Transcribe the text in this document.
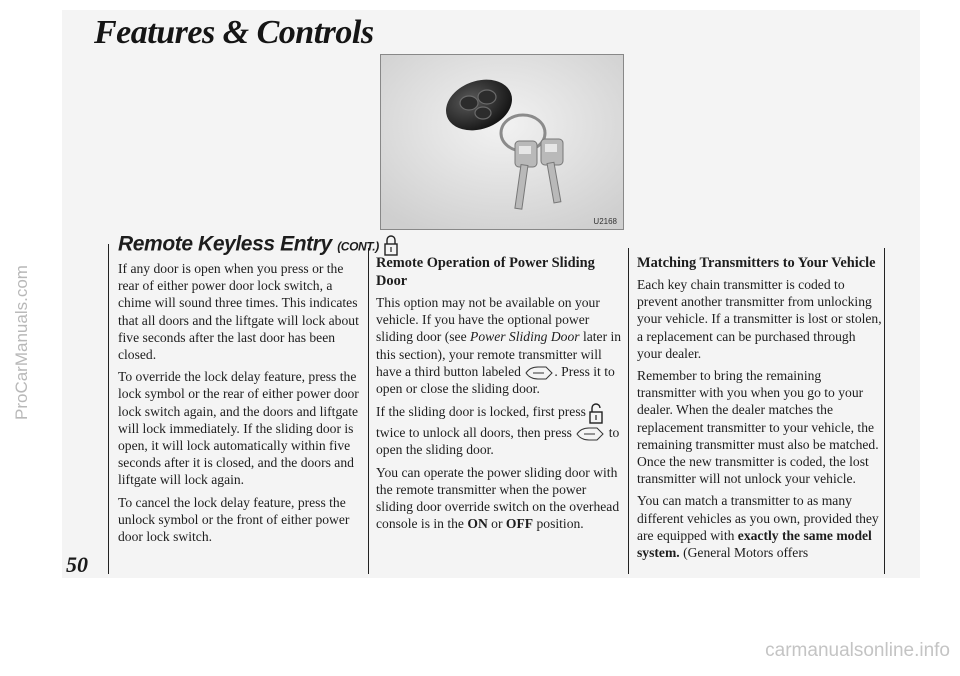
ProCarManuals.com
carmanualsonline.info
Features & Controls
50
U2168
Remote Keyless Entry (CONT.)

If any door is open when you press or the rear of either power door lock switch, a chime will sound three times. This indicates that all doors and the liftgate will lock about five seconds after the last door has been closed.

To override the lock delay feature, press the lock symbol or the rear of either power door lock switch again, and the doors and liftgate will lock immediately. If the sliding door is open, it will lock automatically within five seconds after it is closed, and the doors and liftgate will lock again.

To cancel the lock delay feature, press the unlock symbol or the front of either power door lock switch.

Remote Operation of Power Sliding Door

This option may not be available on your vehicle. If you have the optional power sliding door (see Power Sliding Door later in this section), your remote transmitter will have a third button labeled . Press it to open or close the sliding door.

If the sliding door is locked, first press  twice to unlock all doors, then press	to open the sliding door.

You can operate the power sliding door with the remote transmitter when the power sliding door override switch on the overhead console is in the ON or OFF position.

Matching Transmitters to Your Vehicle

Each key chain transmitter is coded to prevent another transmitter from unlocking your vehicle. If a transmitter is lost or stolen, a replacement can be purchased through your dealer.

Remember to bring the remaining transmitter with you when you go to your dealer. When the dealer matches the replacement transmitter to your vehicle, the remaining transmitter must also be matched. Once the new transmitter is coded, the lost transmitter will not unlock your vehicle.

You can match a transmitter to as many different vehicles as you own, provided they are equipped with exactly the same model system. (General Motors offers
